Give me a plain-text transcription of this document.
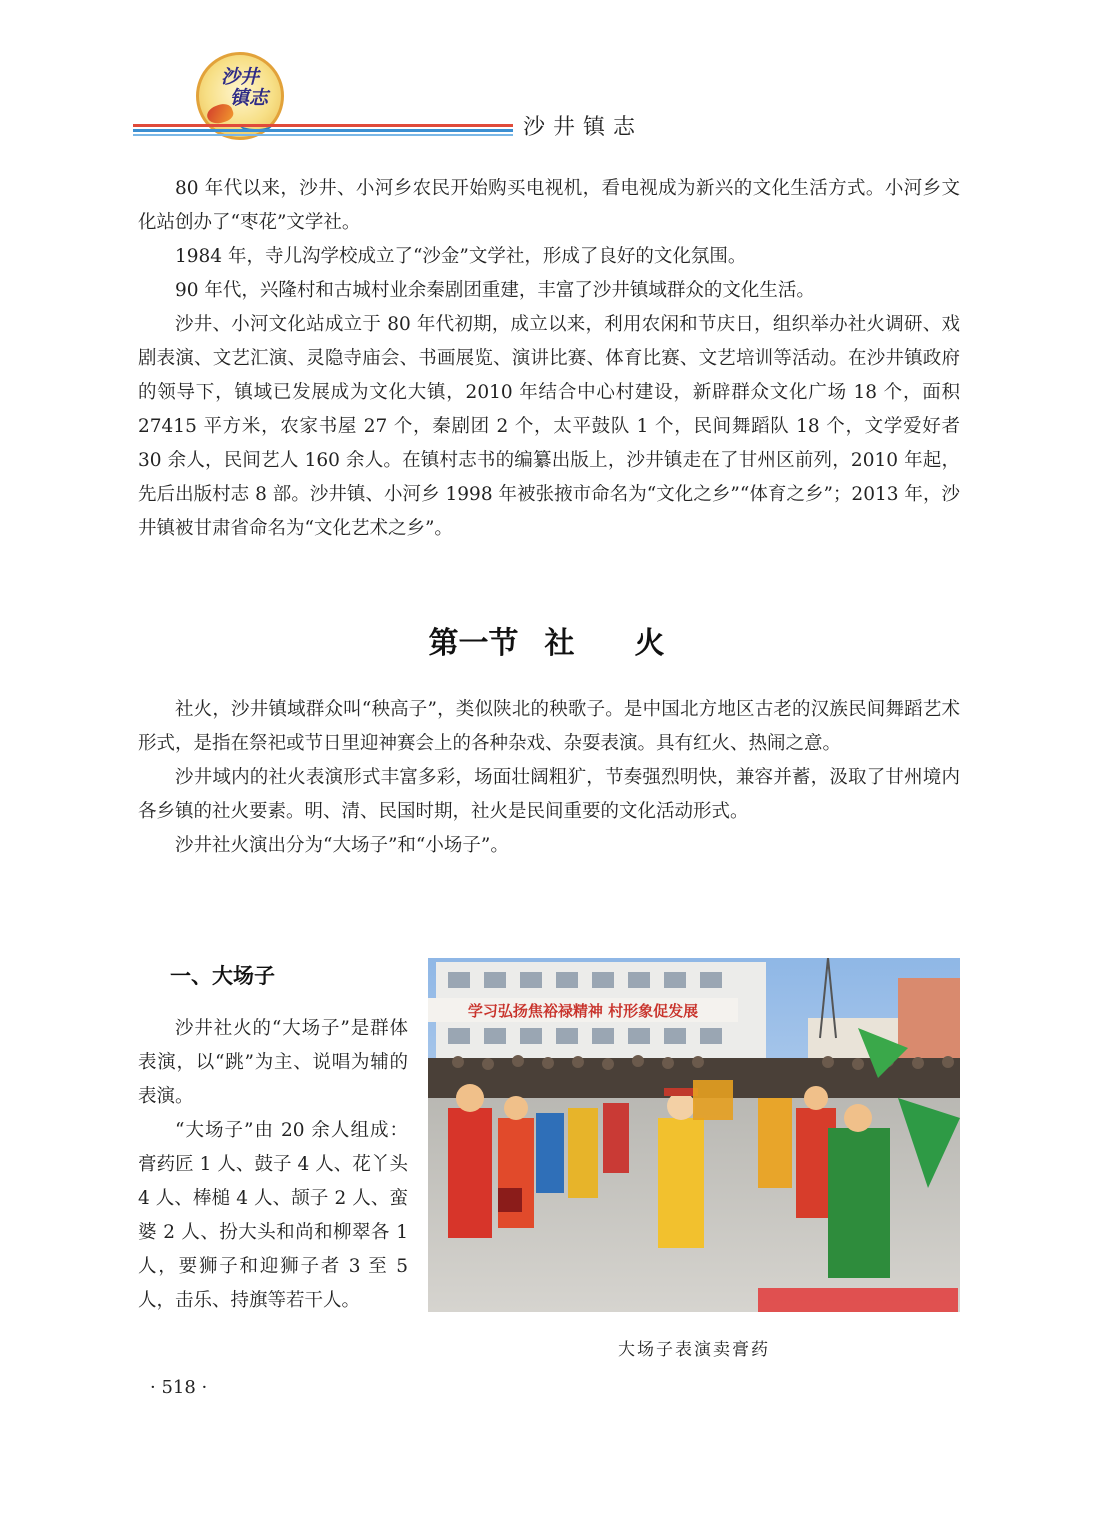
沙井
镇志
沙井镇志

80 年代以来，沙井、小河乡农民开始购买电视机，看电视成为新兴的文化生活方式。小河乡文化站创办了“枣花”文学社。

1984 年，寺儿沟学校成立了“沙金”文学社，形成了良好的文化氛围。

90 年代，兴隆村和古城村业余秦剧团重建，丰富了沙井镇域群众的文化生活。

沙井、小河文化站成立于 80 年代初期，成立以来，利用农闲和节庆日，组织举办社火调研、戏剧表演、文艺汇演、灵隐寺庙会、书画展览、演讲比赛、体育比赛、文艺培训等活动。在沙井镇政府的领导下，镇域已发展成为文化大镇，2010 年结合中心村建设，新辟群众文化广场 18 个，面积 27415 平方米，农家书屋 27 个，秦剧团 2 个，太平鼓队 1 个，民间舞蹈队 18 个，文学爱好者 30 余人，民间艺人 160 余人。在镇村志书的编纂出版上，沙井镇走在了甘州区前列，2010 年起，先后出版村志 8 部。沙井镇、小河乡 1998 年被张掖市命名为“文化之乡”“体育之乡”；2013 年，沙井镇被甘肃省命名为“文化艺术之乡”。

第一节 社 火

社火，沙井镇域群众叫“秧高子”，类似陕北的秧歌子。是中国北方地区古老的汉族民间舞蹈艺术形式，是指在祭祀或节日里迎神赛会上的各种杂戏、杂耍表演。具有红火、热闹之意。

沙井域内的社火表演形式丰富多彩，场面壮阔粗犷，节奏强烈明快，兼容并蓄，汲取了甘州境内各乡镇的社火要素。明、清、民国时期，社火是民间重要的文化活动形式。

沙井社火演出分为“大场子”和“小场子”。

一、大场子

沙井社火的“大场子”是群体表演，以“跳”为主、说唱为辅的表演。

“大场子”由 20 余人组成：膏药匠 1 人、鼓子 4 人、花丫头 4 人、棒槌 4 人、颉子 2 人、蛮婆 2 人、扮大头和尚和柳翠各 1 人，要狮子和迎狮子者 3 至 5 人，击乐、持旗等若干人。

学习弘扬焦裕禄精神 村形象促发展
大场子表演卖膏药
· 518 ·
